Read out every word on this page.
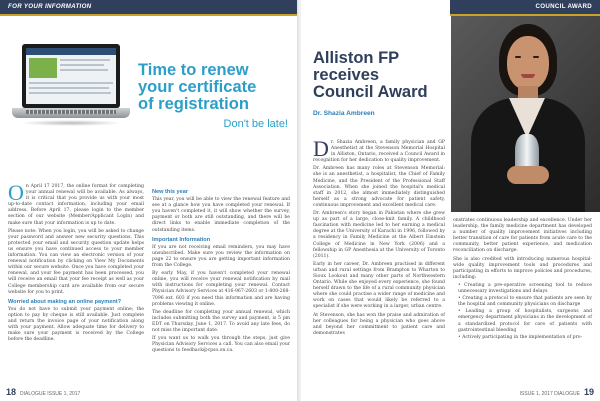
FOR YOUR INFORMATION
Time to renew
your certificate
of registration
Don't be late!
O n April 17 2017, the online format for completing your annual renewal will be available. As always, it is critical that you provide us with your most up-to-date contact information, including your email address. Before April 17, please login to the member section of our website (Member/Applicant Login) and make sure that your information is up to date.

Please note: When you login, you will be asked to change your password and answer new security questions. This protected your email and security question update helps us ensure you have continued access to your member information. You can view an electronic version of your renewal notification by clicking on View My Documents within our secure website. Once you have completed your renewal, and your fee payment has been processed, you will receive an email that your fee receipt as well as your College membership card are available from our secure website for you to print.

Worried about making an online payment?

You do not have to submit your payment online; the option to pay by cheque is still available. Just complete and return the invoice page of your notification along with your payment. Allow adequate time for delivery to make sure your payment is received by the College before the deadline.

New this year

This year, you will be able to view the renewal feature and see at a glance how you have completed your renewal. If you haven't completed it, it will show whether the survey, payment or both are still outstanding, and there will be direct links to enable immediate completion of the outstanding items.

Important Information

If you are not receiving email reminders, you may have unsubscribed. Make sure you review the information on page 22 to ensure you are getting important information from the College.

By early May, if you haven't completed your renewal online, you will receive your renewal notification by mail with instructions for completing your renewal. Contact Physician Advisory Services at 416-967-2603 or 1-800-268-7096 ext. 603 if you need this information and are having problems viewing it online.

The deadline for completing your annual renewal, which includes submitting both the survey and payment, is 5 pm EDT on Thursday, June 1, 2017. To avoid any late fees, do not miss the important date.

If you want us to walk you through the steps, just give Physician Advisory Services a call. You can also email your questions to feedback@cpso.on.ca.

18 DIALOGUE ISSUE 1, 2017
COUNCIL AWARD
Alliston FP
receives
Council Award
Dr. Shazia Ambreen
D r. Shazia Ambreen, a family physician and GP Anesthetist at the Stevenson Memorial Hospital in Alliston, Ontario, received a Council Award in recognition for her dedication to quality improvement.

Dr. Ambreen has many roles at Stevenson Memorial: she is an anesthetist, a hospitalist, the Chief of Family Medicine, and the President of the Professional Staff Association. When she joined the hospital's medical staff in 2012, she almost immediately distinguished herself as a strong advocate for patient safety, continuous improvement and excellent medical care.

Dr. Ambreen's story began in Pakistan where she grew up as part of a large, close-knit family. A childhood fascination with medicine led to her earning a medical degree at the University of Karachi in 1996, followed by a residency in Family Medicine at the Albert Einstein College of Medicine in New York (2006) and a fellowship in GP Anesthesia at the University of Toronto (2011).

Early in her career, Dr. Ambreen practised in different urban and rural settings from Brampton to Wharton to Sioux Lookout and many other parts of Northwestern Ontario. While she enjoyed every experience, she found herself drawn to the life of a rural community physician where she could practise a wider range of medicine and work on cases that would likely be referred to a specialist if she were working in a larger, urban centre.

At Stevenson, she has won the praise and admiration of her colleagues for being a physician who goes above and beyond her commitment to patient care and demonstrates

onstrates continuous leadership and excellence. Under her leadership, the family medicine department has developed a number of quality improvement initiatives including better transition of care for patients from acute care to the community, better patient experience, and medication reconciliation on discharge.

She is also credited with introducing numerous hospital-wide quality improvement tools and procedures and participating in efforts to improve policies and procedures, including:

• Creating a pre-operative screening tool to reduce unnecessary investigations and delays
• Creating a protocol to ensure that patients are seen by the hospital and community physicians on discharge
• Leading a group of hospitalists, surgeons and emergency department physicians in the development of a standardized protocol for care of patients with gastrointestinal bleeding
• Actively participating in the implementation of pro-
ISSUE 1, 2017 DIALOGUE 19
